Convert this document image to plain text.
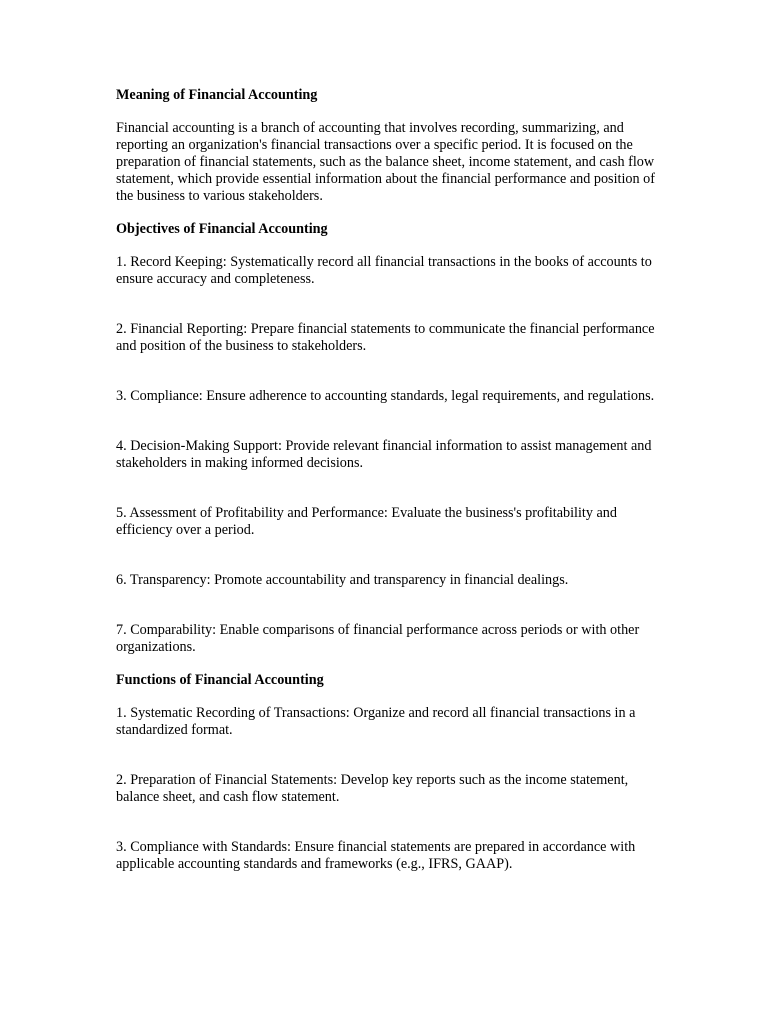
Meaning of Financial Accounting

Financial accounting is a branch of accounting that involves recording, summarizing, and reporting an organization's financial transactions over a specific period. It is focused on the preparation of financial statements, such as the balance sheet, income statement, and cash flow statement, which provide essential information about the financial performance and position of the business to various stakeholders.

Objectives of Financial Accounting

1. Record Keeping: Systematically record all financial transactions in the books of accounts to ensure accuracy and completeness.

2. Financial Reporting: Prepare financial statements to communicate the financial performance and position of the business to stakeholders.

3. Compliance: Ensure adherence to accounting standards, legal requirements, and regulations.

4. Decision-Making Support: Provide relevant financial information to assist management and stakeholders in making informed decisions.

5. Assessment of Profitability and Performance: Evaluate the business's profitability and efficiency over a period.

6. Transparency: Promote accountability and transparency in financial dealings.

7. Comparability: Enable comparisons of financial performance across periods or with other organizations.

Functions of Financial Accounting

1. Systematic Recording of Transactions: Organize and record all financial transactions in a standardized format.

2. Preparation of Financial Statements: Develop key reports such as the income statement, balance sheet, and cash flow statement.

3. Compliance with Standards: Ensure financial statements are prepared in accordance with applicable accounting standards and frameworks (e.g., IFRS, GAAP).
